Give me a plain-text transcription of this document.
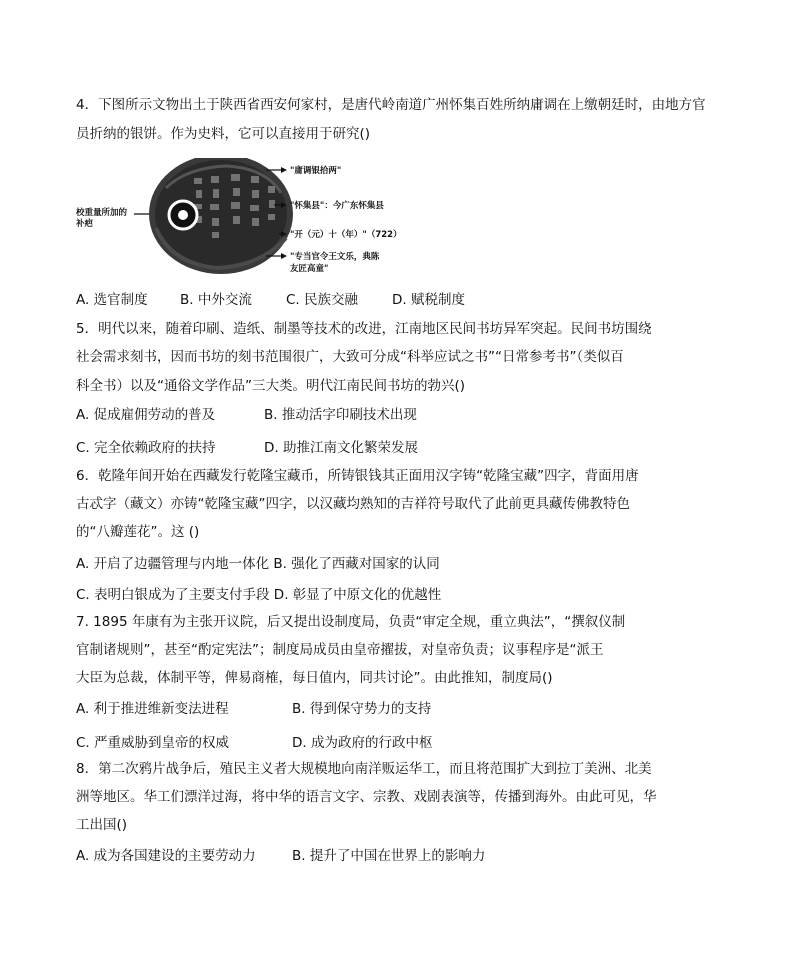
4．下图所示文物出土于陕西省西安何家村，是唐代岭南道广州怀集百姓所纳庸调在上缴朝廷时，由地方官
员折纳的银饼。作为史料，它可以直接用于研究()
校重量所加的
补疤
"庸调银拾两"
"怀集县"：今广东怀集县
"开（元）十（年）"（722）
"专当官令王文乐，典陈
友匠高童"
A. 选官制度 B. 中外交流	C. 民族交融	D. 赋税制度
5．明代以来，随着印刷、造纸、制墨等技术的改进，江南地区民间书坊异军突起。民间书坊围绕
社会需求刻书，因而书坊的刻书范围很广，大致可分成“科举应试之书”“日常参考书”（类似百
科全书）以及“通俗文学作品”三大类。明代江南民间书坊的勃兴()
A. 促成雇佣劳动的普及	B. 推动活字印刷技术出现
C. 完全依赖政府的扶持	D. 助推江南文化繁荣发展
6．乾隆年间开始在西藏发行乾隆宝藏币，所铸银钱其正面用汉字铸“乾隆宝藏”四字，背面用唐
古忒字（藏文）亦铸“乾隆宝藏”四字，以汉藏均熟知的吉祥符号取代了此前更具藏传佛教特色
的“八瓣莲花”。这 ()
A. 开启了边疆管理与内地一体化 B. 强化了西藏对国家的认同
C. 表明白银成为了主要支付手段 D. 彰显了中原文化的优越性
7. 1895 年康有为主张开议院，后又提出设制度局，负责“审定全规，重立典法”，“撰叙仪制
官制诸规则”，甚至“酌定宪法”；制度局成员由皇帝擢拔，对皇帝负责；议事程序是“派王
大臣为总裁，体制平等，俾易商榷，每日值内，同共讨论”。由此推知，制度局()
A. 利于推进维新变法进程	B. 得到保守势力的支持
C. 严重威胁到皇帝的权威	D. 成为政府的行政中枢
8．第二次鸦片战争后，殖民主义者大规模地向南洋贩运华工，而且将范围扩大到拉丁美洲、北美
洲等地区。华工们漂洋过海，将中华的语言文字、宗教、戏剧表演等，传播到海外。由此可见，华
工出国()
A. 成为各国建设的主要劳动力	B. 提升了中国在世界上的影响力
